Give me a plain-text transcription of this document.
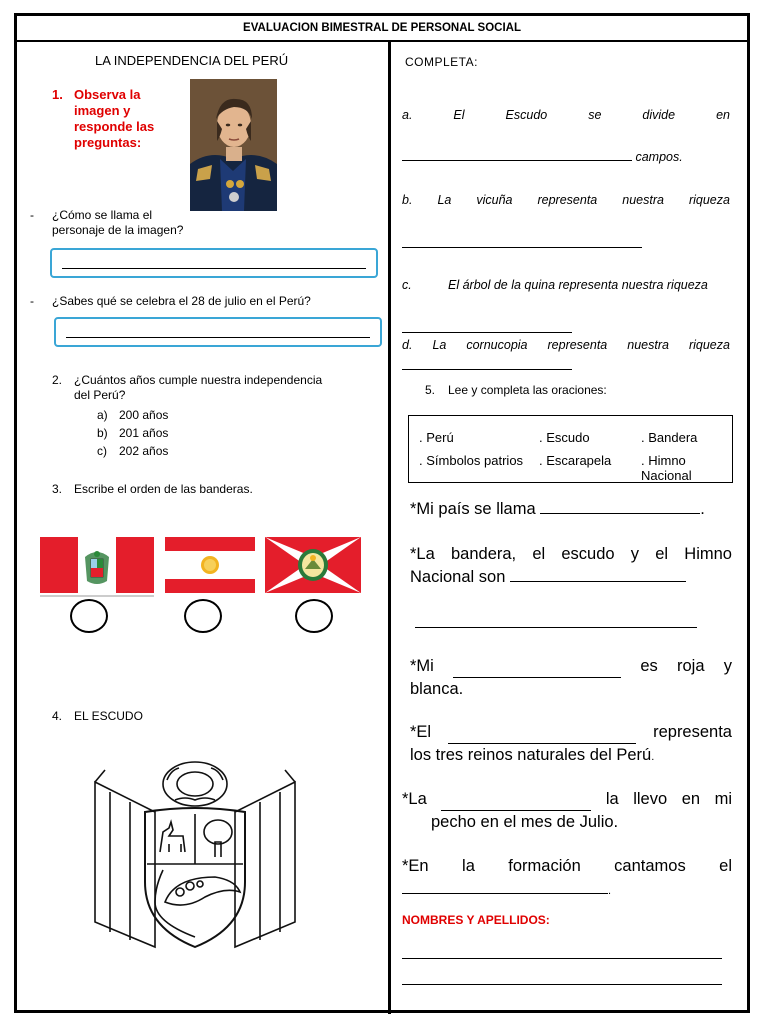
EVALUACION BIMESTRAL DE PERSONAL SOCIAL
LA INDEPENDENCIA DEL PERÚ
1. Observa la
imagen y
responde las
preguntas:
- ¿Cómo se llama el
personaje de la imagen?
- ¿Sabes qué se celebra el 28 de julio en el Perú?
2. ¿Cuántos años cumple nuestra independencia
del Perú?
a) 200 años
b) 201 años
c) 202 años
3. Escribe el orden de las banderas.
4. EL ESCUDO
COMPLETA:
a.	El	Escudo	se	divide	en
campos.
b. La vicuña representa nuestra riqueza
c.	El árbol de la quina representa nuestra riqueza
d. La cornucopia representa nuestra riqueza
5. Lee y completa las oraciones:
. Perú	. Escudo	. Bandera
. Símbolos patrios . Escarapela . Himno Nacional
*Mi país se llama	.
*La bandera, el escudo y el Himno
Nacional son
*Mi	es roja y
blanca.
*El	representa
los tres reinos naturales del Perú.
*La	la llevo en mi
pecho en el mes de Julio.
*En la formación cantamos el
.
NOMBRES Y APELLIDOS:
